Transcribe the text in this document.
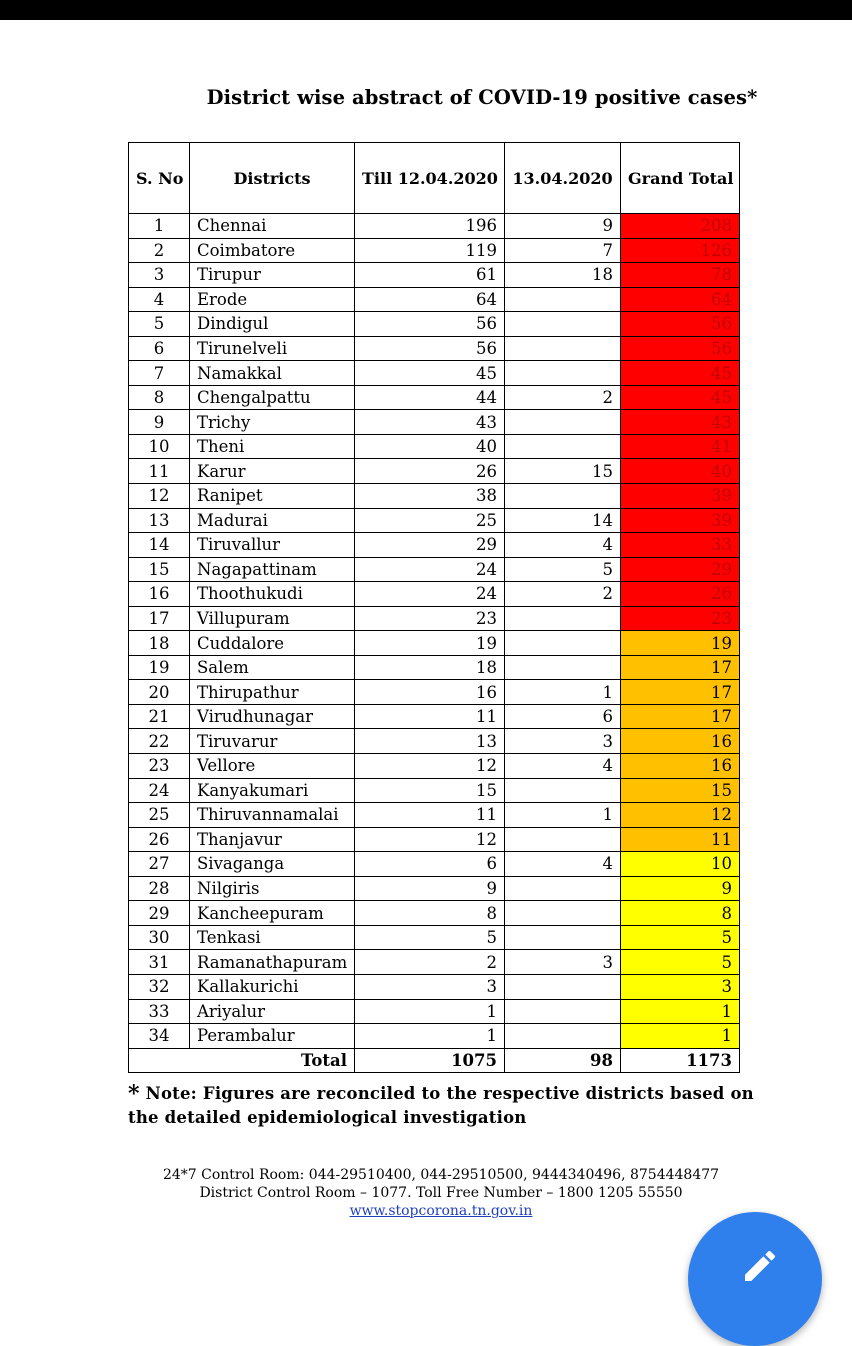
District wise abstract of COVID-19 positive cases*
S. No	Districts	Till 12.04.2020	13.04.2020	Grand Total
1	Chennai	196	9	208
2	Coimbatore	119	7	126
3	Tirupur	61	18	78
4	Erode	64		64
5	Dindigul	56		56
6	Tirunelveli	56		56
7	Namakkal	45		45
8	Chengalpattu	44	2	45
9	Trichy	43		43
10	Theni	40		41
11	Karur	26	15	40
12	Ranipet	38		39
13	Madurai	25	14	39
14	Tiruvallur	29	4	33
15	Nagapattinam	24	5	29
16	Thoothukudi	24	2	26
17	Villupuram	23		23
18	Cuddalore	19		19
19	Salem	18		17
20	Thirupathur	16	1	17
21	Virudhunagar	11	6	17
22	Tiruvarur	13	3	16
23	Vellore	12	4	16
24	Kanyakumari	15		15
25	Thiruvannamalai	11	1	12
26	Thanjavur	12		11
27	Sivaganga	6	4	10
28	Nilgiris	9		9
29	Kancheepuram	8		8
30	Tenkasi	5		5
31	Ramanathapuram	2	3	5
32	Kallakurichi	3		3
33	Ariyalur	1		1
34	Perambalur	1		1
Total		1075	98	1173
* Note: Figures are reconciled to the respective districts based on the detailed epidemiological investigation
24*7 Control Room: 044-29510400, 044-29510500, 9444340496, 8754448477
District Control Room – 1077. Toll Free Number – 1800 1205 55550
www.stopcorona.tn.gov.in
